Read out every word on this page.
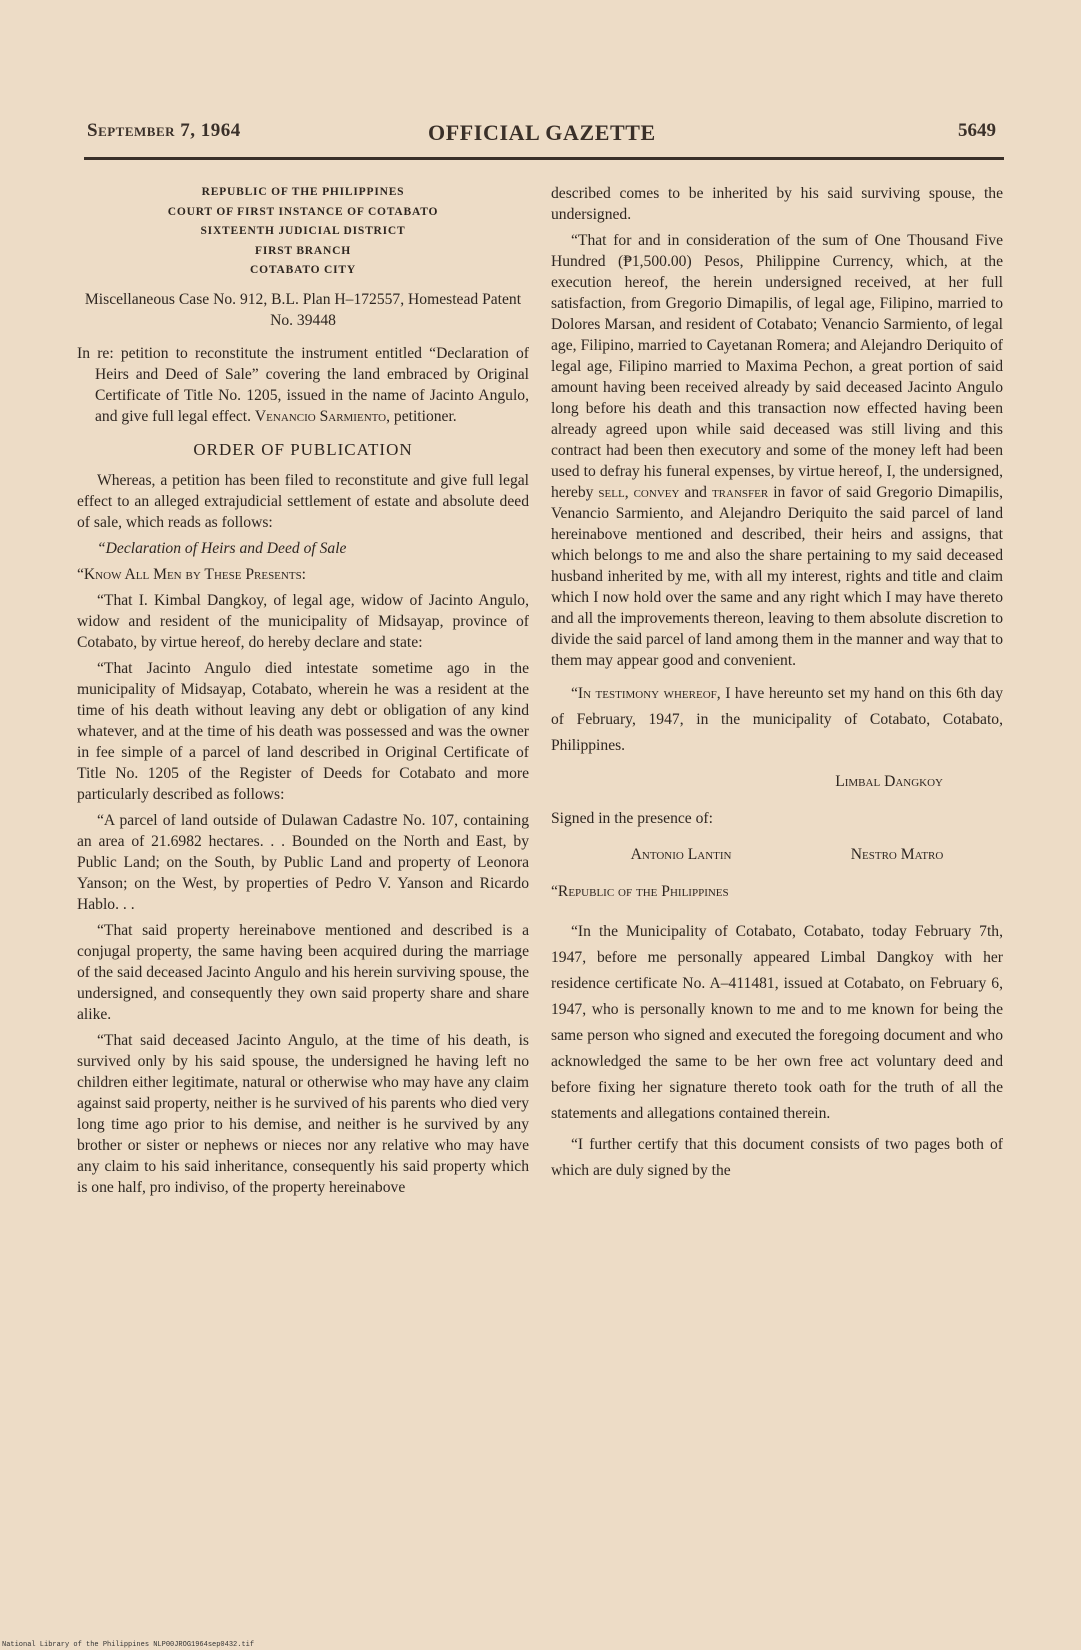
September 7, 1964	OFFICIAL GAZETTE	5649
REPUBLIC OF THE PHILIPPINES
COURT OF FIRST INSTANCE OF COTABATO
SIXTEENTH JUDICIAL DISTRICT
FIRST BRANCH
COTABATO CITY

Miscellaneous Case No. 912, B.L. Plan H–172557, Homestead Patent No. 39448

In re: petition to reconstitute the instrument entitled “Declaration of Heirs and Deed of Sale” covering the land embraced by Original Certificate of Title No. 1205, issued in the name of Jacinto Angulo, and give full legal effect. Venancio Sarmiento, petitioner.

ORDER OF PUBLICATION

Whereas, a petition has been filed to reconstitute and give full legal effect to an alleged extrajudicial settlement of estate and absolute deed of sale, which reads as follows:

“Declaration of Heirs and Deed of Sale

“Know All Men by These Presents:

“That I. Kimbal Dangkoy, of legal age, widow of Jacinto Angulo, widow and resident of the municipality of Midsayap, province of Cotabato, by virtue hereof, do hereby declare and state:

“That Jacinto Angulo died intestate sometime ago in the municipality of Midsayap, Cotabato, wherein he was a resident at the time of his death without leaving any debt or obligation of any kind whatever, and at the time of his death was possessed and was the owner in fee simple of a parcel of land described in Original Certificate of Title No. 1205 of the Register of Deeds for Cotabato and more particularly described as follows:

“A parcel of land outside of Dulawan Cadastre No. 107, containing an area of 21.6982 hectares. . . Bounded on the North and East, by Public Land; on the South, by Public Land and property of Leonora Yanson; on the West, by properties of Pedro V. Yanson and Ricardo Hablo. . .

“That said property hereinabove mentioned and described is a conjugal property, the same having been acquired during the marriage of the said deceased Jacinto Angulo and his herein surviving spouse, the undersigned, and consequently they own said property share and share alike.

“That said deceased Jacinto Angulo, at the time of his death, is survived only by his said spouse, the undersigned he having left no children either legitimate, natural or otherwise who may have any claim against said property, neither is he survived of his parents who died very long time ago prior to his demise, and neither is he survived by any brother or sister or nephews or nieces nor any relative who may have any claim to his said inheritance, consequently his said property which is one half, pro indiviso, of the property hereinabove

described comes to be inherited by his said surviving spouse, the undersigned.

“That for and in consideration of the sum of One Thousand Five Hundred (₱1,500.00) Pesos, Philippine Currency, which, at the execution hereof, the herein undersigned received, at her full satisfaction, from Gregorio Dimapilis, of legal age, Filipino, married to Dolores Marsan, and resident of Cotabato; Venancio Sarmiento, of legal age, Filipino, married to Cayetanan Romera; and Alejandro Deriquito of legal age, Filipino married to Maxima Pechon, a great portion of said amount having been received already by said deceased Jacinto Angulo long before his death and this transaction now effected having been already agreed upon while said deceased was still living and this contract had been then executory and some of the money left had been used to defray his funeral expenses, by virtue hereof, I, the undersigned, hereby sell, convey and transfer in favor of said Gregorio Dimapilis, Venancio Sarmiento, and Alejandro Deriquito the said parcel of land hereinabove mentioned and described, their heirs and assigns, that which belongs to me and also the share pertaining to my said deceased husband inherited by me, with all my interest, rights and title and claim which I now hold over the same and any right which I may have thereto and all the improvements thereon, leaving to them absolute discretion to divide the said parcel of land among them in the manner and way that to them may appear good and convenient.

“In testimony whereof, I have hereunto set my hand on this 6th day of February, 1947, in the municipality of Cotabato, Cotabato, Philippines.

Limbal Dangkoy

Signed in the presence of:

Antonio Lantin	Nestro Matro

“Republic of the Philippines

“In the Municipality of Cotabato, Cotabato, today February 7th, 1947, before me personally appeared Limbal Dangkoy with her residence certificate No. A–411481, issued at Cotabato, on February 6, 1947, who is personally known to me and to me known for being the same person who signed and executed the foregoing document and who acknowledged the same to be her own free act voluntary deed and before fixing her signature thereto took oath for the truth of all the statements and allegations contained therein.

“I further certify that this document consists of two pages both of which are duly signed by the

National Library of the Philippines NLP00JROG1964sep0432.tif
